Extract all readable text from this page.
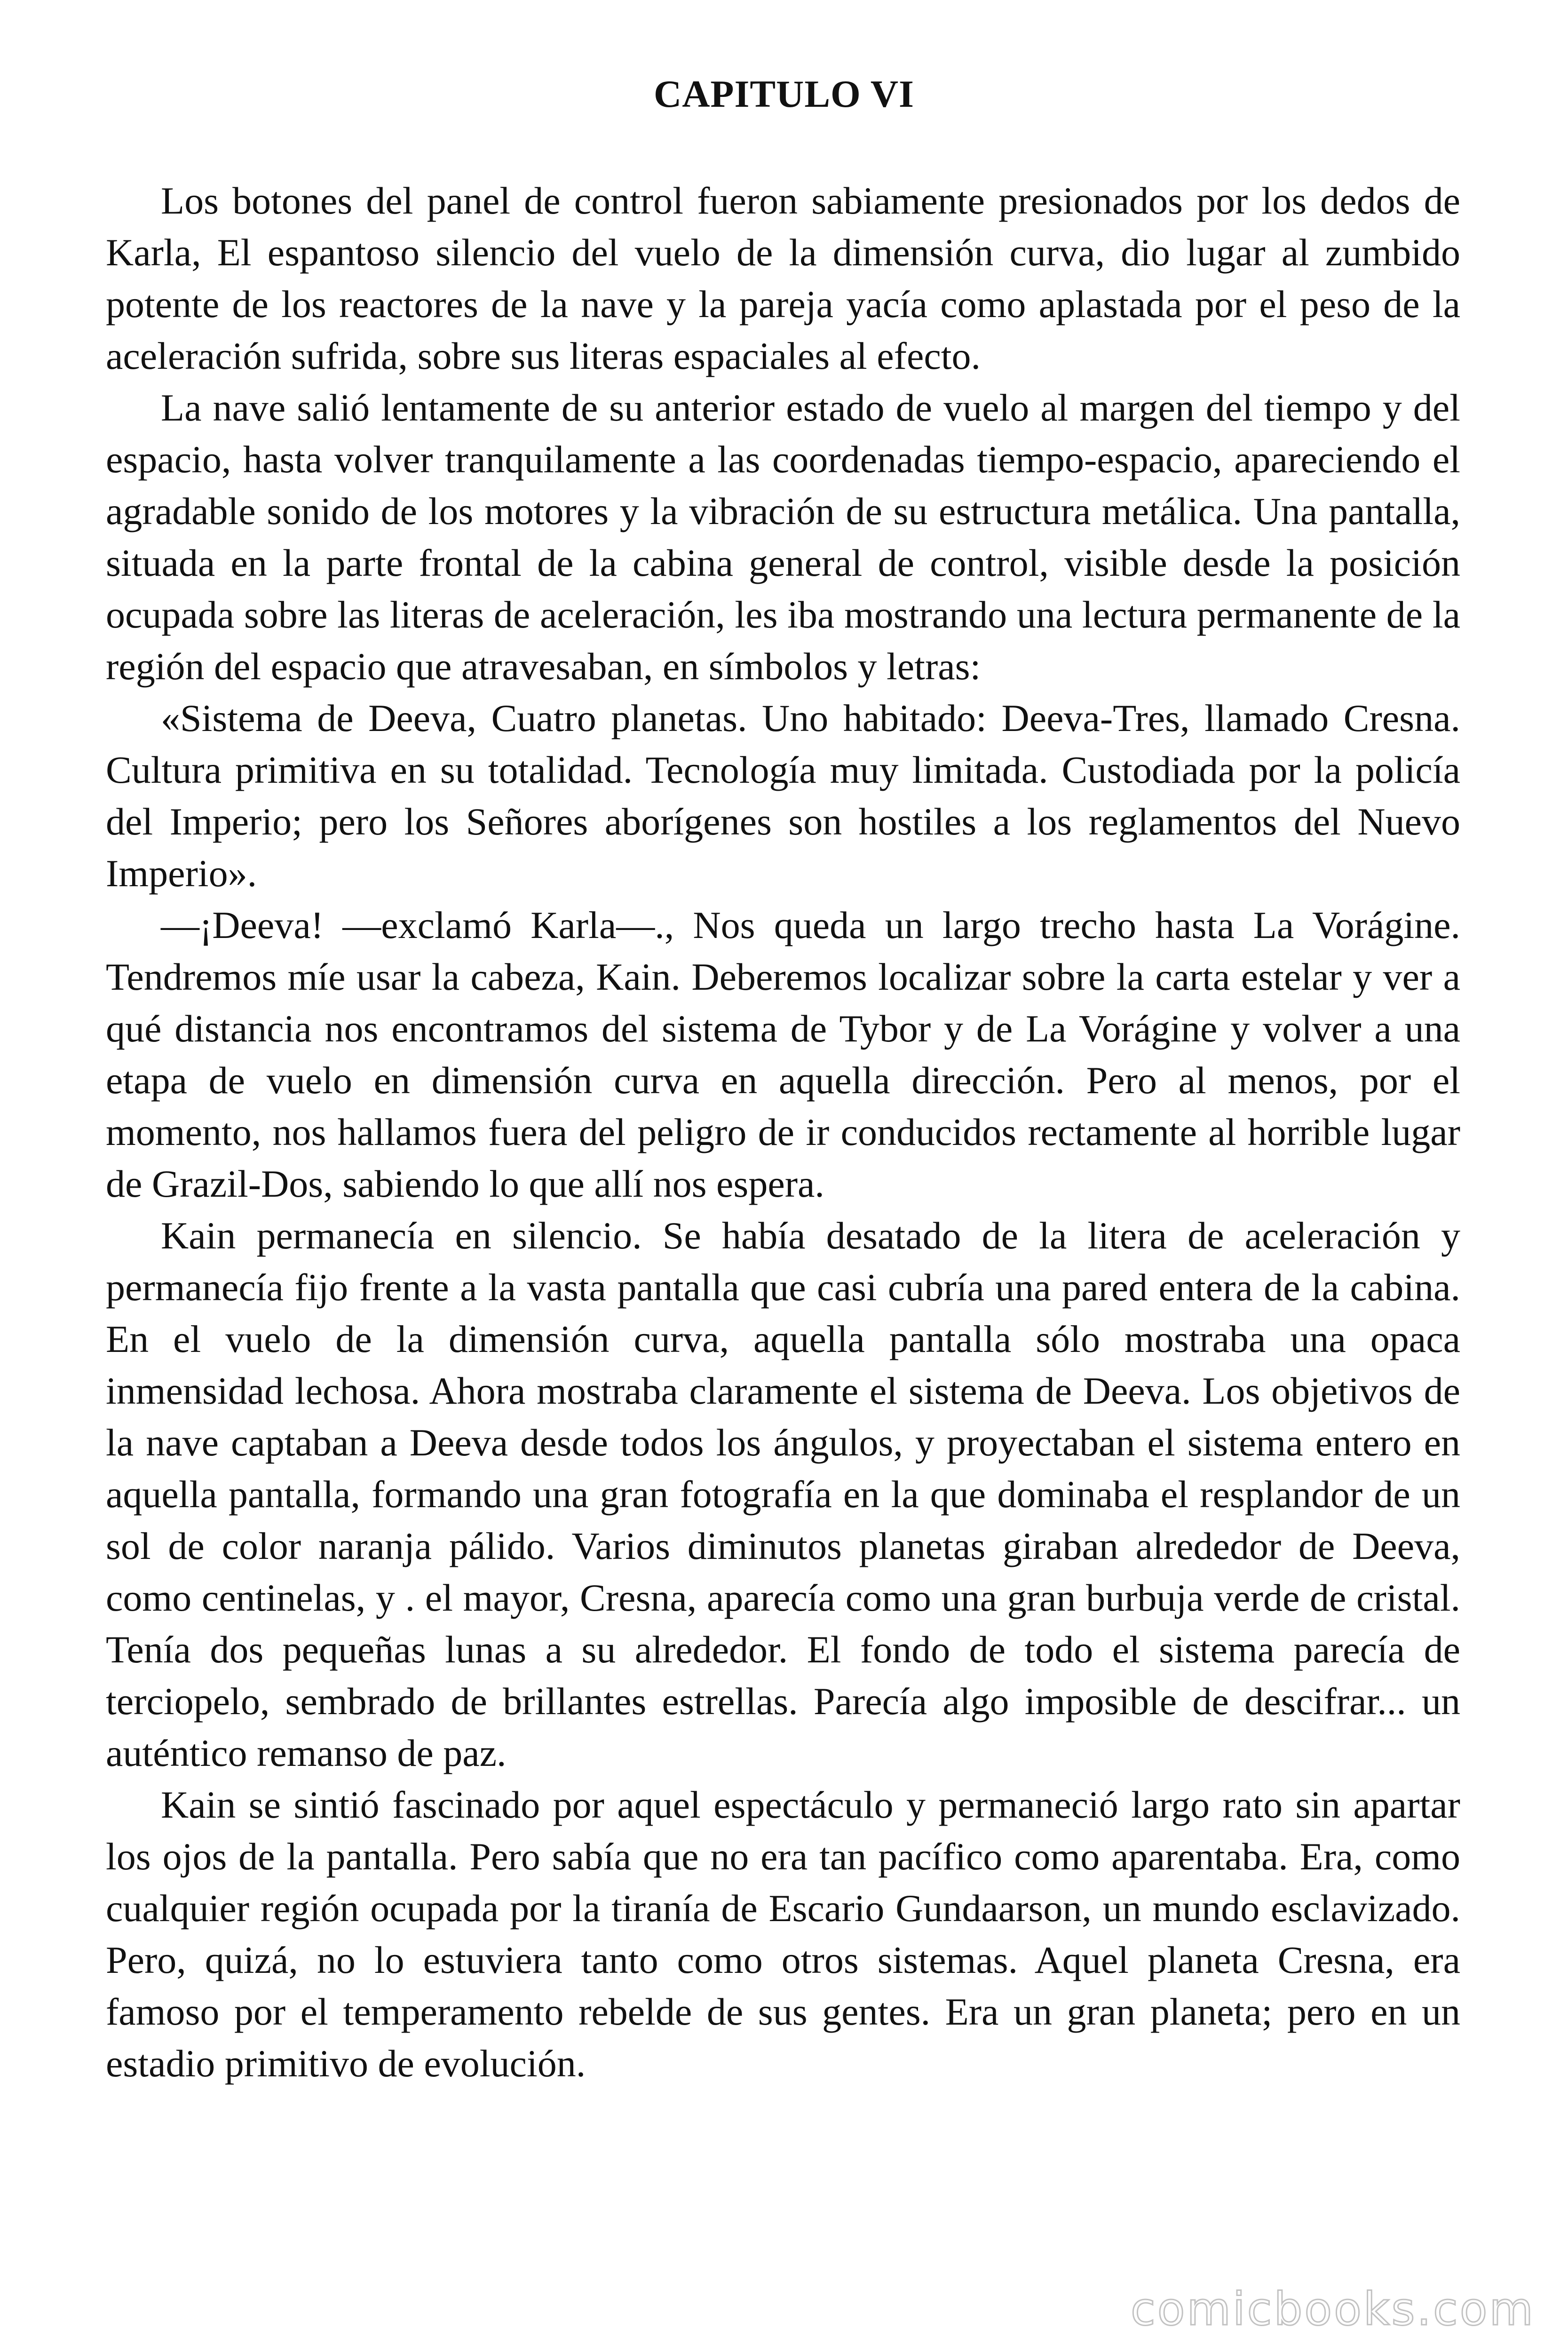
CAPITULO VI

Los botones del panel de control fueron sabiamente presionados por los dedos de Karla, El espantoso silencio del vuelo de la dimensión curva, dio lugar al zumbido potente de los reactores de la nave y la pareja yacía como aplastada por el peso de la aceleración sufrida, sobre sus literas espaciales al efecto.

La nave salió lentamente de su anterior estado de vuelo al margen del tiempo y del espacio, hasta volver tranquilamente a las coordenadas tiempo-espacio, apareciendo el agradable sonido de los motores y la vibración de su estructura metálica. Una pantalla, situada en la parte frontal de la cabina general de control, visible desde la posición ocupada sobre las literas de aceleración, les iba mostrando una lectura permanente de la región del espacio que atravesaban, en símbolos y letras:

«Sistema de Deeva, Cuatro planetas. Uno habitado: Deeva-Tres, llamado Cresna. Cultura primitiva en su totalidad. Tecnología muy limitada. Custodiada por la policía del Imperio; pero los Señores aborígenes son hostiles a los reglamentos del Nuevo Imperio».

—¡Deeva! —exclamó Karla—., Nos queda un largo trecho hasta La Vorágine. Tendremos míe usar la cabeza, Kain. Deberemos localizar sobre la carta estelar y ver a qué distancia nos encontramos del sistema de Tybor y de La Vorágine y volver a una etapa de vuelo en dimensión curva en aquella dirección. Pero al menos, por el momento, nos hallamos fuera del peligro de ir conducidos rectamente al horrible lugar de Grazil-Dos, sabiendo lo que allí nos espera.

Kain permanecía en silencio. Se había desatado de la litera de aceleración y permanecía fijo frente a la vasta pantalla que casi cubría una pared entera de la cabina. En el vuelo de la dimensión curva, aquella pantalla sólo mostraba una opaca inmensidad lechosa. Ahora mostraba claramente el sistema de Deeva. Los objetivos de la nave captaban a Deeva desde todos los ángulos, y proyectaban el sistema entero en aquella pantalla, formando una gran fotografía en la que dominaba el resplandor de un sol de color naranja pálido. Varios diminutos planetas giraban alrededor de Deeva, como centinelas, y . el mayor, Cresna, aparecía como una gran burbuja verde de cristal. Tenía dos pequeñas lunas a su alrededor. El fondo de todo el sistema parecía de terciopelo, sembrado de brillantes estrellas. Parecía algo imposible de descifrar... un auténtico remanso de paz.

Kain se sintió fascinado por aquel espectáculo y permaneció largo rato sin apartar los ojos de la pantalla. Pero sabía que no era tan pacífico como aparentaba. Era, como cualquier región ocupada por la tiranía de Escario Gundaarson, un mundo esclavizado. Pero, quizá, no lo estuviera tanto como otros sistemas. Aquel planeta Cresna, era famoso por el temperamento rebelde de sus gentes. Era un gran planeta; pero en un estadio primitivo de evolución.

comicbooks.com
